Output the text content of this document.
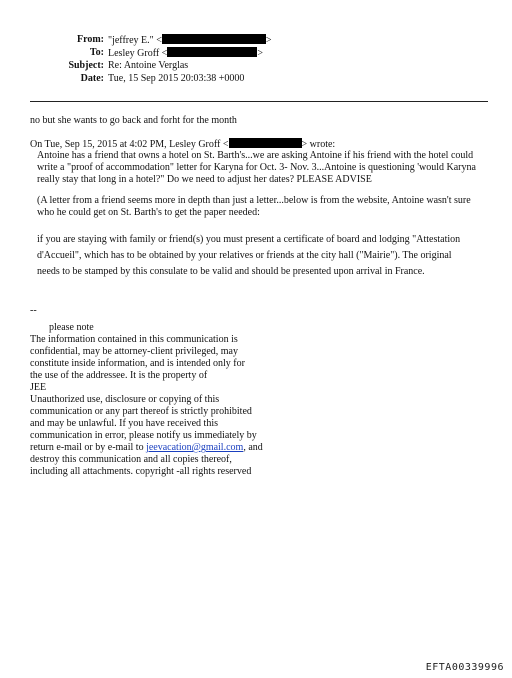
From: "jeffrey E." <	>
To: Lesley Groff <	>
Subject: Re: Antoine Verglas
Date: Tue, 15 Sep 2015 20:03:38 +0000
no but she wants to go back and forht for the month
On Tue, Sep 15, 2015 at 4:02 PM, Lesley Groff <	> wrote:
Antoine has a friend that owns a hotel on St. Barth's...we are asking Antoine if his friend with the hotel could
write a "proof of accommodation" letter for Karyna for Oct. 3- Nov. 3...Antoine is questioning 'would Karyna
really stay that long in a hotel?" Do we need to adjust her dates? PLEASE ADVISE
(A letter from a friend seems more in depth than just a letter...below is from the website, Antoine wasn't sure
who he could get on St. Barth's to get the paper needed:
if you are staying with family or friend(s) you must present a certificate of board and lodging "Attestation
d'Accueil", which has to be obtained by your relatives or friends at the city hall ("Mairie"). The original
needs to be stamped by this consulate to be valid and should be presented upon arrival in France.
--
please note
The information contained in this communication is
confidential, may be attorney-client privileged, may
constitute inside information, and is intended only for
the use of the addressee. It is the property of
JEE
Unauthorized use, disclosure or copying of this
communication or any part thereof is strictly prohibited
and may be unlawful. If you have received this
communication in error, please notify us immediately by
return e-mail or by e-mail to jeevacation@gmail.com, and
destroy this communication and all copies thereof,
including all attachments. copyright -all rights reserved
EFTA00339996
